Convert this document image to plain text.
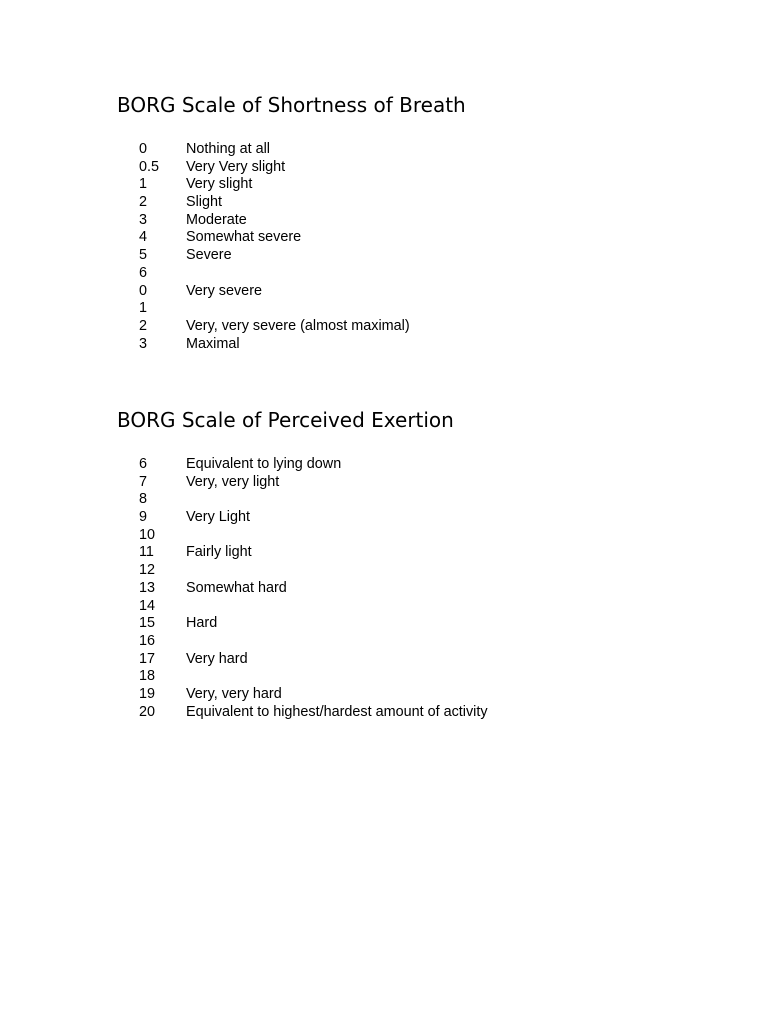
BORG Scale of Shortness of Breath
0	Nothing at all
0.5	Very Very slight
1	Very slight
2	Slight
3	Moderate
4	Somewhat severe
5	Severe
6
0	Very severe
1
2	Very, very severe (almost maximal)
3	Maximal
BORG Scale of Perceived Exertion
6	Equivalent to lying down
7	Very, very light
8
9	Very Light
10
11	Fairly light
12
13	Somewhat hard
14
15	Hard
16
17	Very hard
18
19	Very, very hard
20	Equivalent to highest/hardest amount of activity
